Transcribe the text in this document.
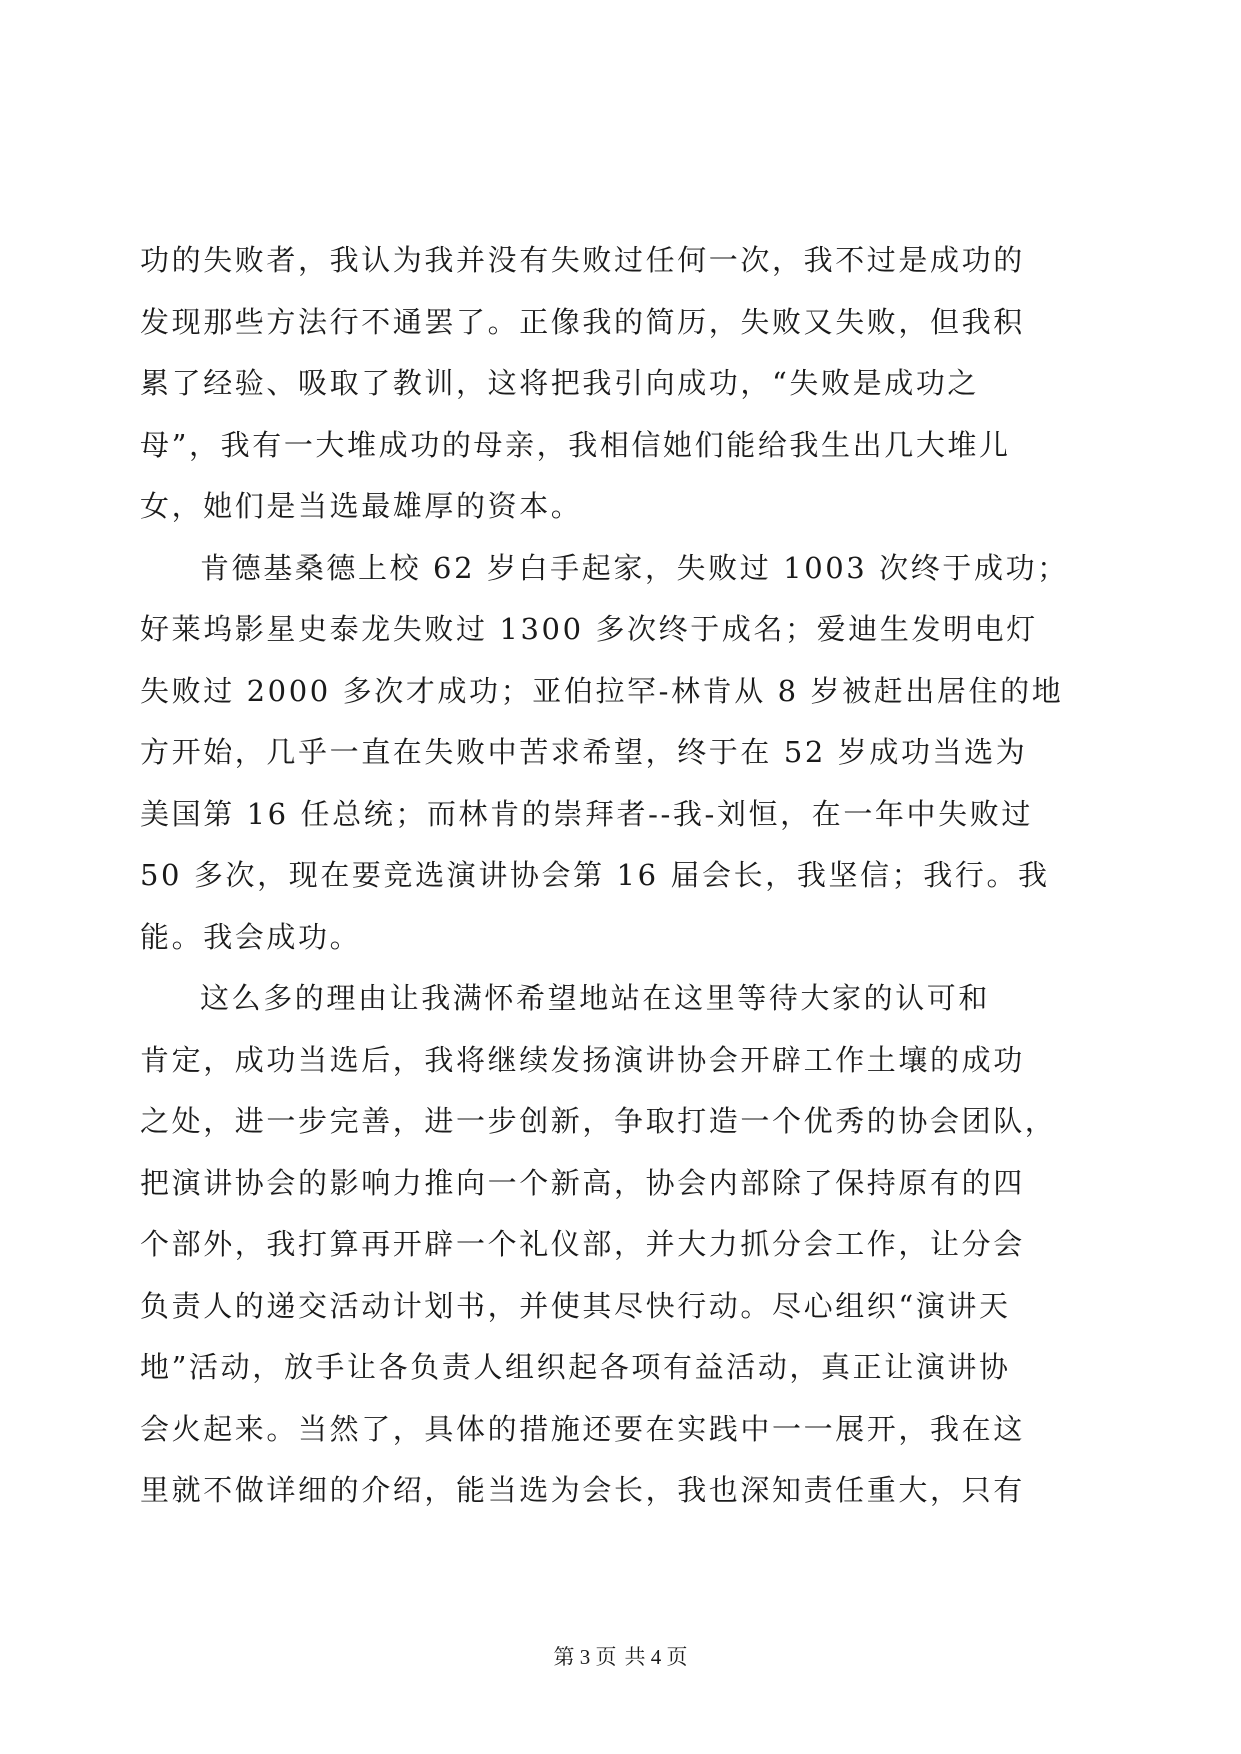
功的失败者，我认为我并没有失败过任何一次，我不过是成功的
发现那些方法行不通罢了。正像我的简历，失败又失败，但我积
累了经验、吸取了教训，这将把我引向成功，“失败是成功之
母”，我有一大堆成功的母亲，我相信她们能给我生出几大堆儿
女，她们是当选最雄厚的资本。
肯德基桑德上校 62 岁白手起家，失败过 1003 次终于成功；
好莱坞影星史泰龙失败过 1300 多次终于成名；爱迪生发明电灯
失败过 2000 多次才成功；亚伯拉罕-林肯从 8 岁被赶出居住的地
方开始，几乎一直在失败中苦求希望，终于在 52 岁成功当选为
美国第 16 任总统；而林肯的崇拜者--我-刘恒，在一年中失败过
50 多次，现在要竞选演讲协会第 16 届会长，我坚信；我行。我
能。我会成功。
这么多的理由让我满怀希望地站在这里等待大家的认可和
肯定，成功当选后，我将继续发扬演讲协会开辟工作土壤的成功
之处，进一步完善，进一步创新，争取打造一个优秀的协会团队，
把演讲协会的影响力推向一个新高，协会内部除了保持原有的四
个部外，我打算再开辟一个礼仪部，并大力抓分会工作，让分会
负责人的递交活动计划书，并使其尽快行动。尽心组织“演讲天
地”活动，放手让各负责人组织起各项有益活动，真正让演讲协
会火起来。当然了，具体的措施还要在实践中一一展开，我在这
里就不做详细的介绍，能当选为会长，我也深知责任重大，只有
第 3 页 共 4 页
